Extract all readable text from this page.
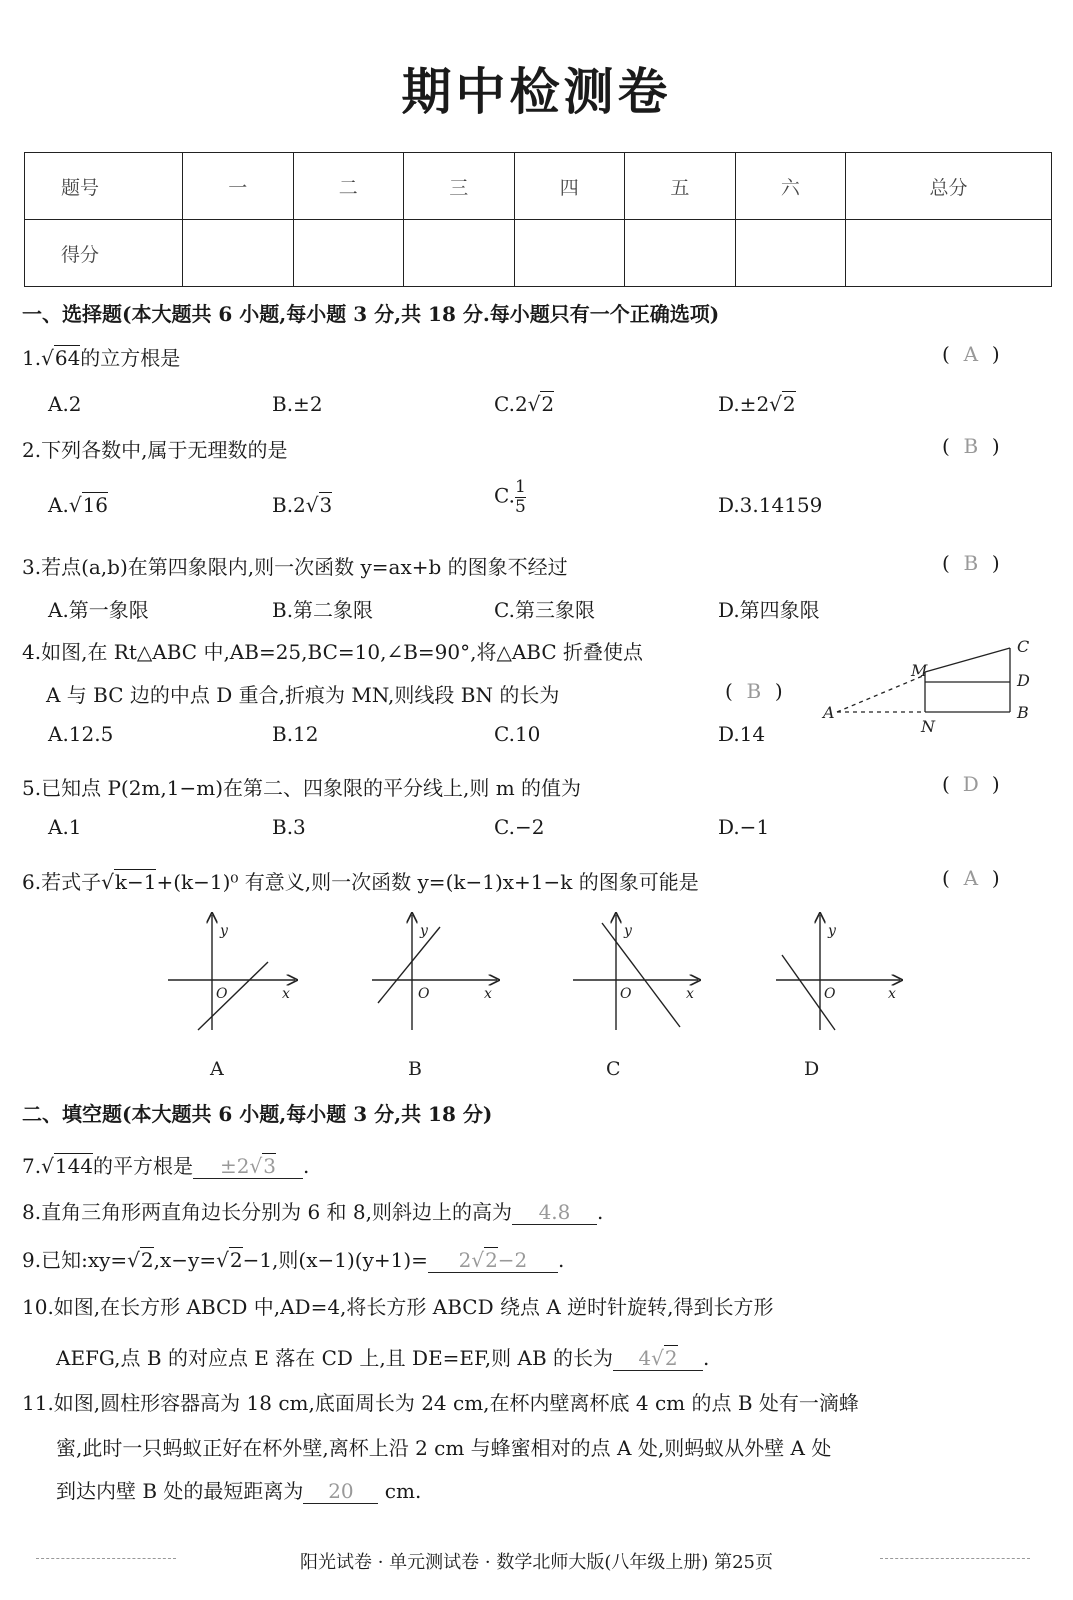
期中检测卷
题号	一	二	三	四	五	六	总分
得分							
一、选择题(本大题共 6 小题,每小题 3 分,共 18 分.每小题只有一个正确选项)
1.√64的立方根是	( A )
A.2	B.±2	C.2√2	D.±2√2
2.下列各数中,属于无理数的是	( B )
A.√16	B.2√3	C. $\frac{1}{5}$	D.3.14159
3.若点(a,b)在第四象限内,则一次函数 y=ax+b 的图象不经过	( B )
A.第一象限	B.第二象限	C.第三象限	D.第四象限
4.如图,在 Rt△ABC 中,AB=25,BC=10,∠B=90°,将△ABC 折叠使点
A 与 BC 边的中点 D 重合,折痕为 MN,则线段 BN 的长为	( B )
A.12.5	B.12	C.10	D.14
C
M
D
A
N
B
5.已知点 P(2m,1−m)在第二、四象限的平分线上,则 m 的值为	( D )
A.1	B.3	C.−2	D.−1
6.若式子√k−1+(k−1)⁰ 有意义,则一次函数 y=(k−1)x+1−k 的图象可能是	( A )
y
x
O
y
x
O
y
x
O
y
x
O
A	B	C	D
二、填空题(本大题共 6 小题,每小题 3 分,共 18 分)
7.√144的平方根是 ±2√3 .
8.直角三角形两直角边长分别为 6 和 8,则斜边上的高为 4.8 .
9.已知:xy=√2,x−y=√2−1,则(x−1)(y+1)= 2√2−2 .
10.如图,在长方形 ABCD 中,AD=4,将长方形 ABCD 绕点 A 逆时针旋转,得到长方形
AEFG,点 B 的对应点 E 落在 CD 上,且 DE=EF,则 AB 的长为 4√2 .
11.如图,圆柱形容器高为 18 cm,底面周长为 24 cm,在杯内壁离杯底 4 cm 的点 B 处有一滴蜂
蜜,此时一只蚂蚁正好在杯外壁,离杯上沿 2 cm 与蜂蜜相对的点 A 处,则蚂蚁从外壁 A 处
到达内壁 B 处的最短距离为 20 cm.
阳光试卷 · 单元测试卷 · 数学北师大版(八年级上册) 第25页
